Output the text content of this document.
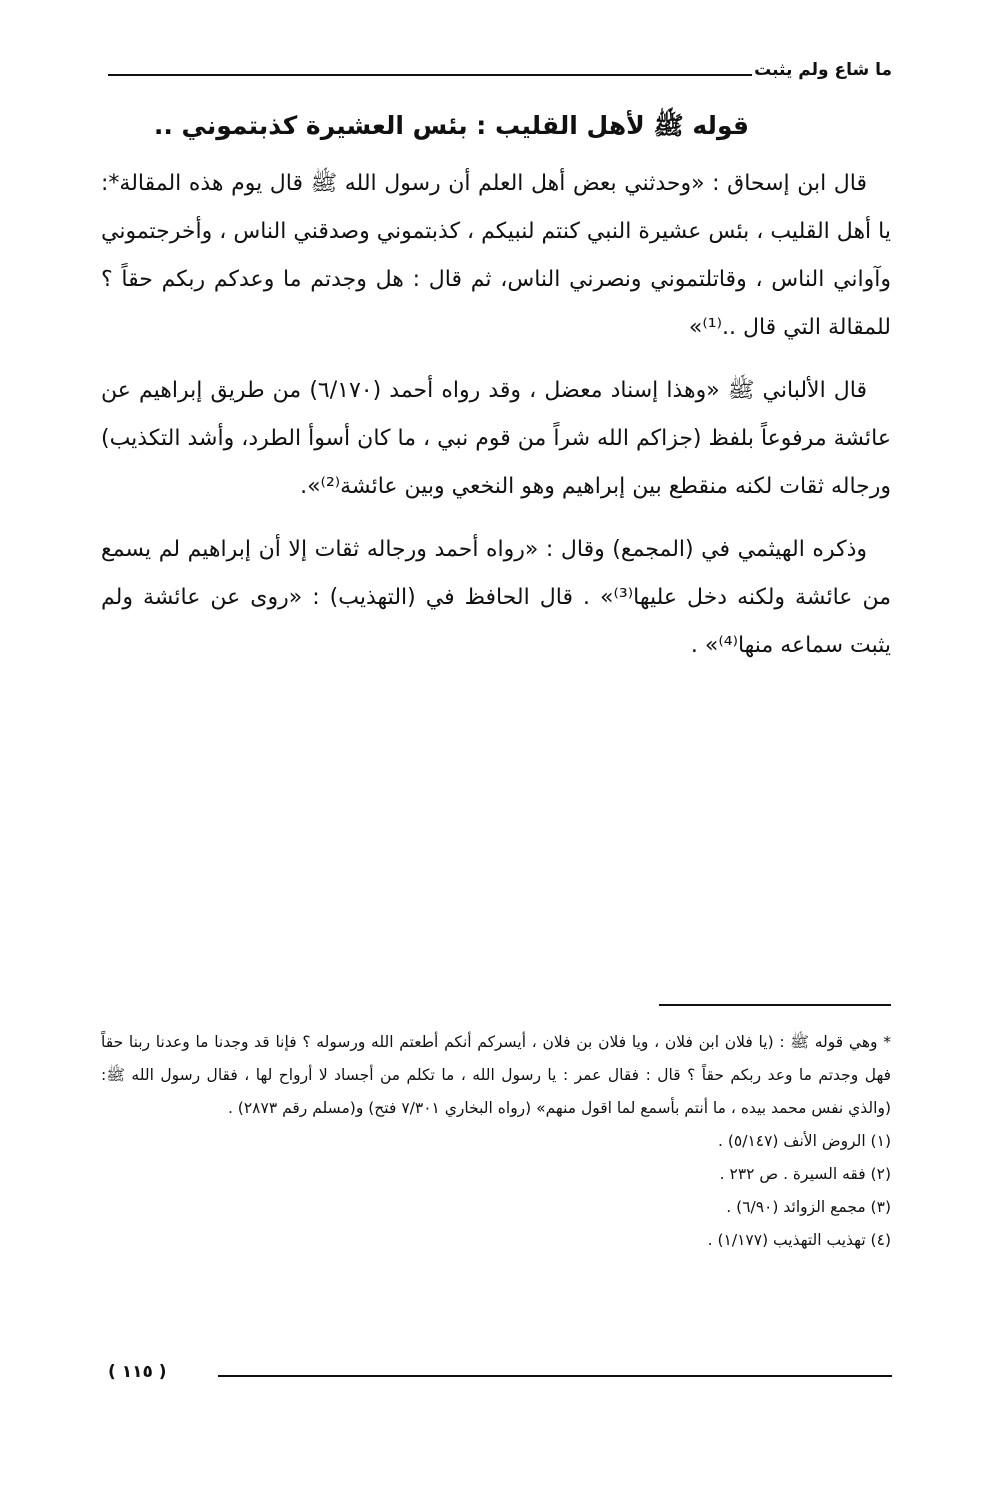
ما شاع ولم يثبت
قوله ﷺ لأهل القليب : بئس العشيرة كذبتموني ..

قال ابن إسحاق : «وحدثني بعض أهل العلم أن رسول الله ﷺ قال يوم هذه المقالة*: يا أهل القليب ، بئس عشيرة النبي كنتم لنبيكم ، كذبتموني وصدقني الناس ، وأخرجتموني وآواني الناس ، وقاتلتموني ونصرني الناس، ثم قال : هل وجدتم ما وعدكم ربكم حقاً ؟ للمقالة التي قال ..⁽¹⁾»

قال الألباني ﷺ «وهذا إسناد معضل ، وقد رواه أحمد (٦/١٧٠) من طريق إبراهيم عن عائشة مرفوعاً بلفظ (جزاكم الله شراً من قوم نبي ، ما كان أسوأ الطرد، وأشد التكذيب) ورجاله ثقات لكنه منقطع بين إبراهيم وهو النخعي وبين عائشة⁽²⁾».

وذكره الهيثمي في (المجمع) وقال : «رواه أحمد ورجاله ثقات إلا أن إبراهيم لم يسمع من عائشة ولكنه دخل عليها⁽³⁾» . قال الحافظ في (التهذيب) : «روى عن عائشة ولم يثبت سماعه منها⁽⁴⁾» .

* وهي قوله ﷺ : (يا فلان ابن فلان ، ويا فلان بن فلان ، أيسركم أنكم أطعتم الله ورسوله ؟ فإنا قد وجدنا ما وعدنا ربنا حقاً فهل وجدتم ما وعد ربكم حقاً ؟ قال : فقال عمر : يا رسول الله ، ما تكلم من أجساد لا أرواح لها ، فقال رسول الله ﷺ: (والذي نفس محمد بيده ، ما أنتم بأسمع لما اقول منهم» (رواه البخاري ٧/٣٠١ فتح) و(مسلم رقم ٢٨٧٣) .

(١) الروض الأنف (٥/١٤٧) .

(٢) فقه السيرة . ص ٢٣٢ .

(٣) مجمع الزوائد (٦/٩٠) .

(٤) تهذيب التهذيب (١/١٧٧) .

( ١١٥ )
